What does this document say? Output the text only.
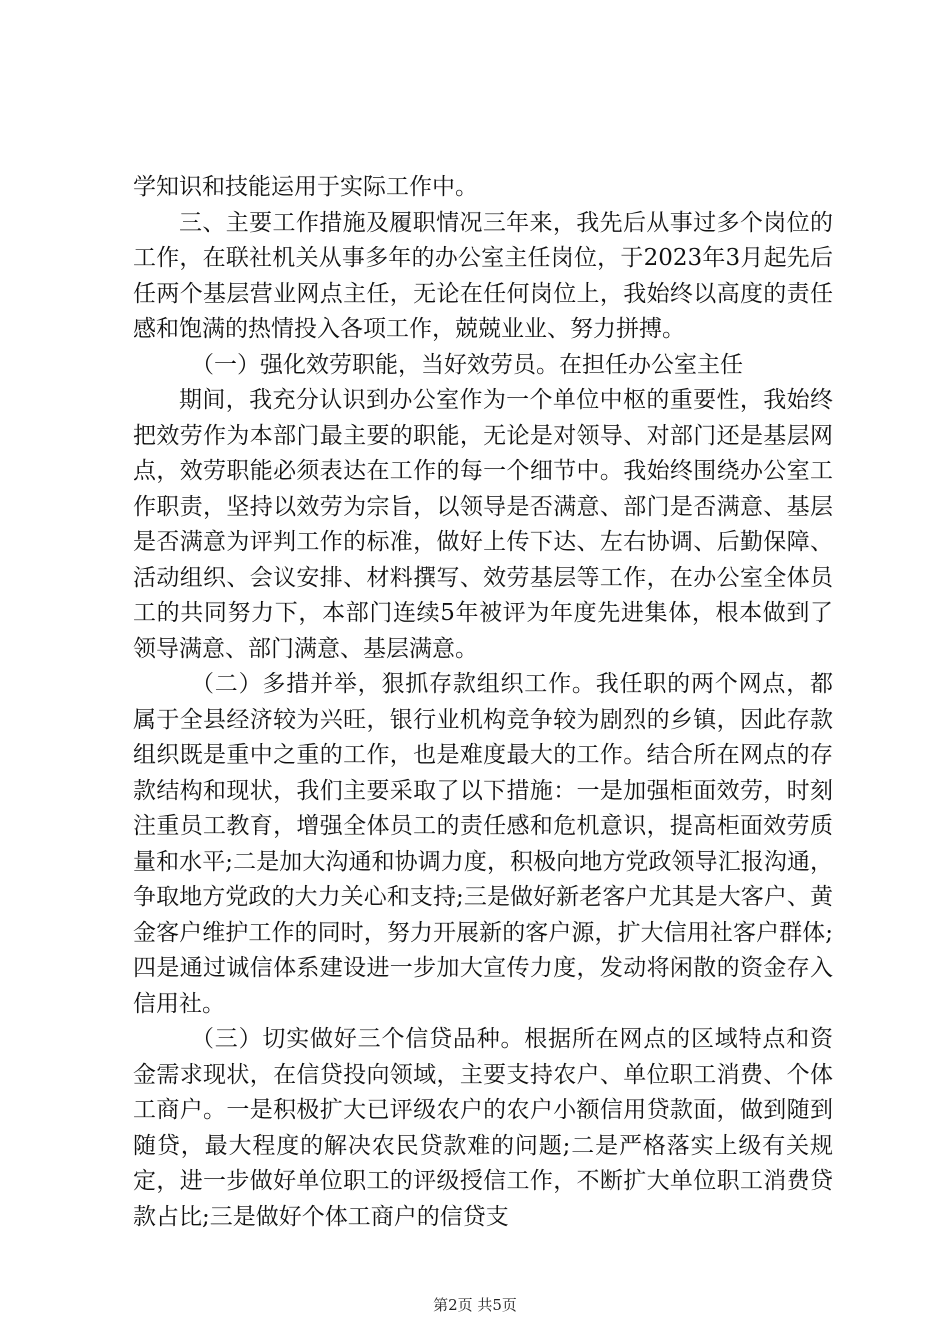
学知识和技能运用于实际工作中。

三、主要工作措施及履职情况三年来，我先后从事过多个岗位的工作，在联社机关从事多年的办公室主任岗位，于2023年3月起先后任两个基层营业网点主任，无论在任何岗位上，我始终以高度的责任感和饱满的热情投入各项工作，兢兢业业、努力拼搏。

（一）强化效劳职能，当好效劳员。在担任办公室主任

期间，我充分认识到办公室作为一个单位中枢的重要性，我始终把效劳作为本部门最主要的职能，无论是对领导、对部门还是基层网点，效劳职能必须表达在工作的每一个细节中。我始终围绕办公室工作职责，坚持以效劳为宗旨，以领导是否满意、部门是否满意、基层是否满意为评判工作的标准，做好上传下达、左右协调、后勤保障、活动组织、会议安排、材料撰写、效劳基层等工作，在办公室全体员工的共同努力下，本部门连续5年被评为年度先进集体，根本做到了领导满意、部门满意、基层满意。

（二）多措并举，狠抓存款组织工作。我任职的两个网点，都属于全县经济较为兴旺，银行业机构竞争较为剧烈的乡镇，因此存款组织既是重中之重的工作，也是难度最大的工作。结合所在网点的存款结构和现状，我们主要采取了以下措施：一是加强柜面效劳，时刻注重员工教育，增强全体员工的责任感和危机意识，提高柜面效劳质量和水平;二是加大沟通和协调力度，积极向地方党政领导汇报沟通，争取地方党政的大力关心和支持;三是做好新老客户尤其是大客户、黄金客户维护工作的同时，努力开展新的客户源，扩大信用社客户群体;四是通过诚信体系建设进一步加大宣传力度，发动将闲散的资金存入信用社。

（三）切实做好三个信贷品种。根据所在网点的区域特点和资金需求现状，在信贷投向领域，主要支持农户、单位职工消费、个体工商户。一是积极扩大已评级农户的农户小额信用贷款面，做到随到随贷，最大程度的解决农民贷款难的问题;二是严格落实上级有关规定，进一步做好单位职工的评级授信工作，不断扩大单位职工消费贷款占比;三是做好个体工商户的信贷支

第2页 共5页
